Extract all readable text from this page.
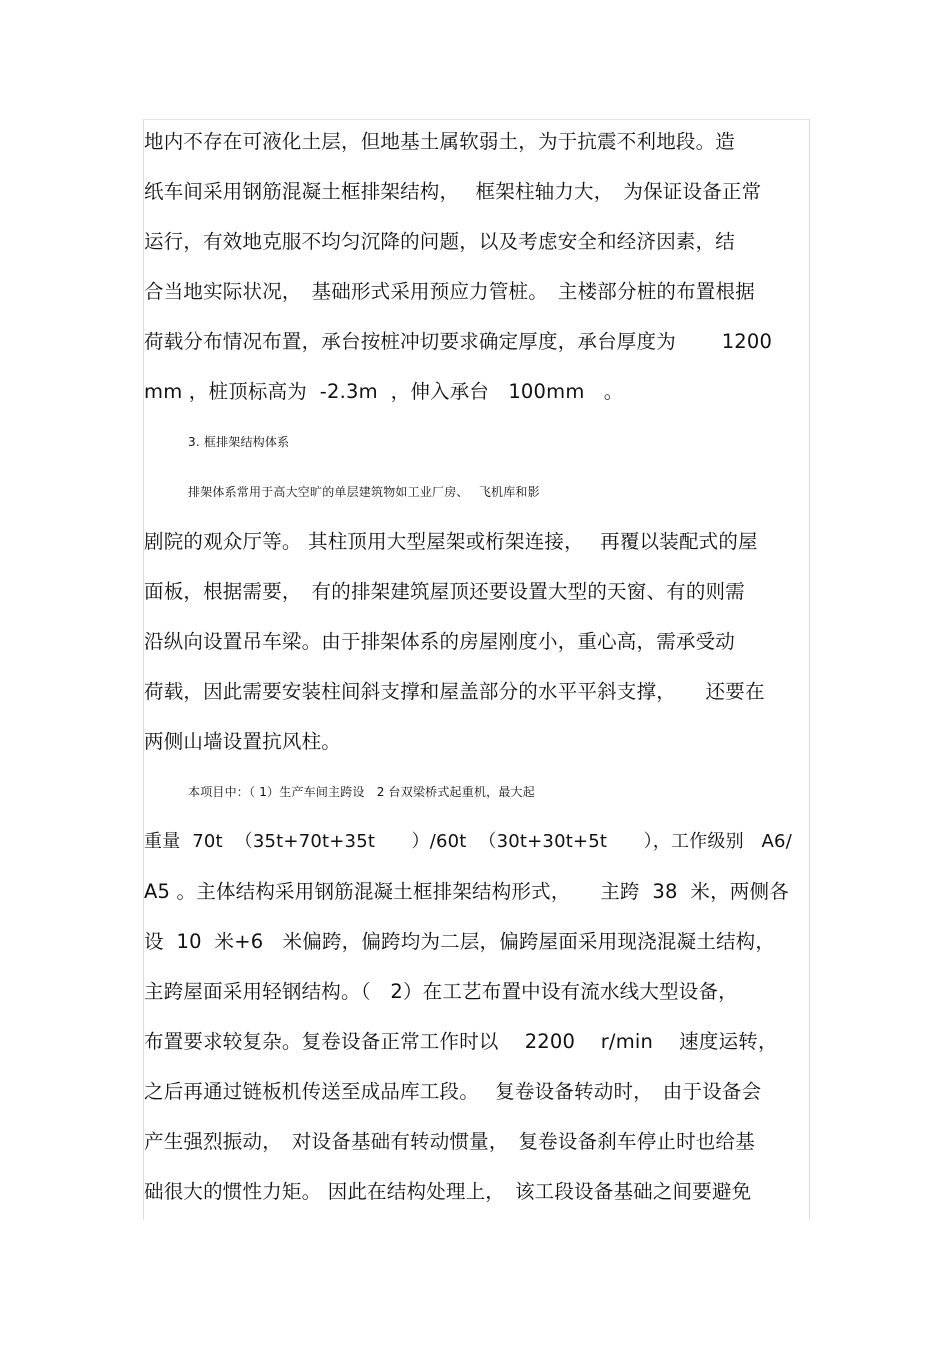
地内不存在可液化土层，但地基土属软弱土，为于抗震不利地段。造
纸车间采用钢筋混凝土框排架结构，　 框架柱轴力大，　为保证设备正常
运行，有效地克服不均匀沉降的问题，以及考虑安全和经济因素，结
合当地实际状况，　基础形式采用预应力管桩。　主楼部分桩的布置根据
荷载分布情况布置，承台按桩冲切要求确定厚度，承台厚度为　　 1200
mm ，桩顶标高为  -2.3m  ，伸入承台   100mm   。
3. 框排架结构体系
排架体系常用于高大空旷的单层建筑物如工业厂房、　 飞机库和影
剧院的观众厅等。 其柱顶用大型屋架或桁架连接，　 再覆以装配式的屋
面板，根据需要，　有的排架建筑屋顶还要设置大型的天窗、有的则需
沿纵向设置吊车梁。由于排架体系的房屋刚度小，重心高，需承受动
荷载，因此需要安装柱间斜支撑和屋盖部分的水平平斜支撑，　　还要在
两侧山墙设置抗风柱。
本项目中：（ 1）生产车间主跨设   2 台双梁桥式起重机，最大起
重量  70t  （35t+70t+35t　　）/60t  （30t+30t+5t　　），工作级别   A6/
A5 。主体结构采用钢筋混凝土框排架结构形式，　　主跨  38  米，两侧各
设  10  米+6   米偏跨，偏跨均为二层，偏跨屋面采用现浇混凝土结构，
主跨屋面采用轻钢结构。（　2）在工艺布置中设有流水线大型设备，
布置要求较复杂。复卷设备正常工作时以　 2200    r/min　 速度运转，
之后再通过链板机传送至成品库工段。　 复卷设备转动时，　由于设备会
产生强烈振动，　对设备基础有转动惯量，　复卷设备刹车停止时也给基
础很大的惯性力矩。 因此在结构处理上，　该工段设备基础之间要避免
